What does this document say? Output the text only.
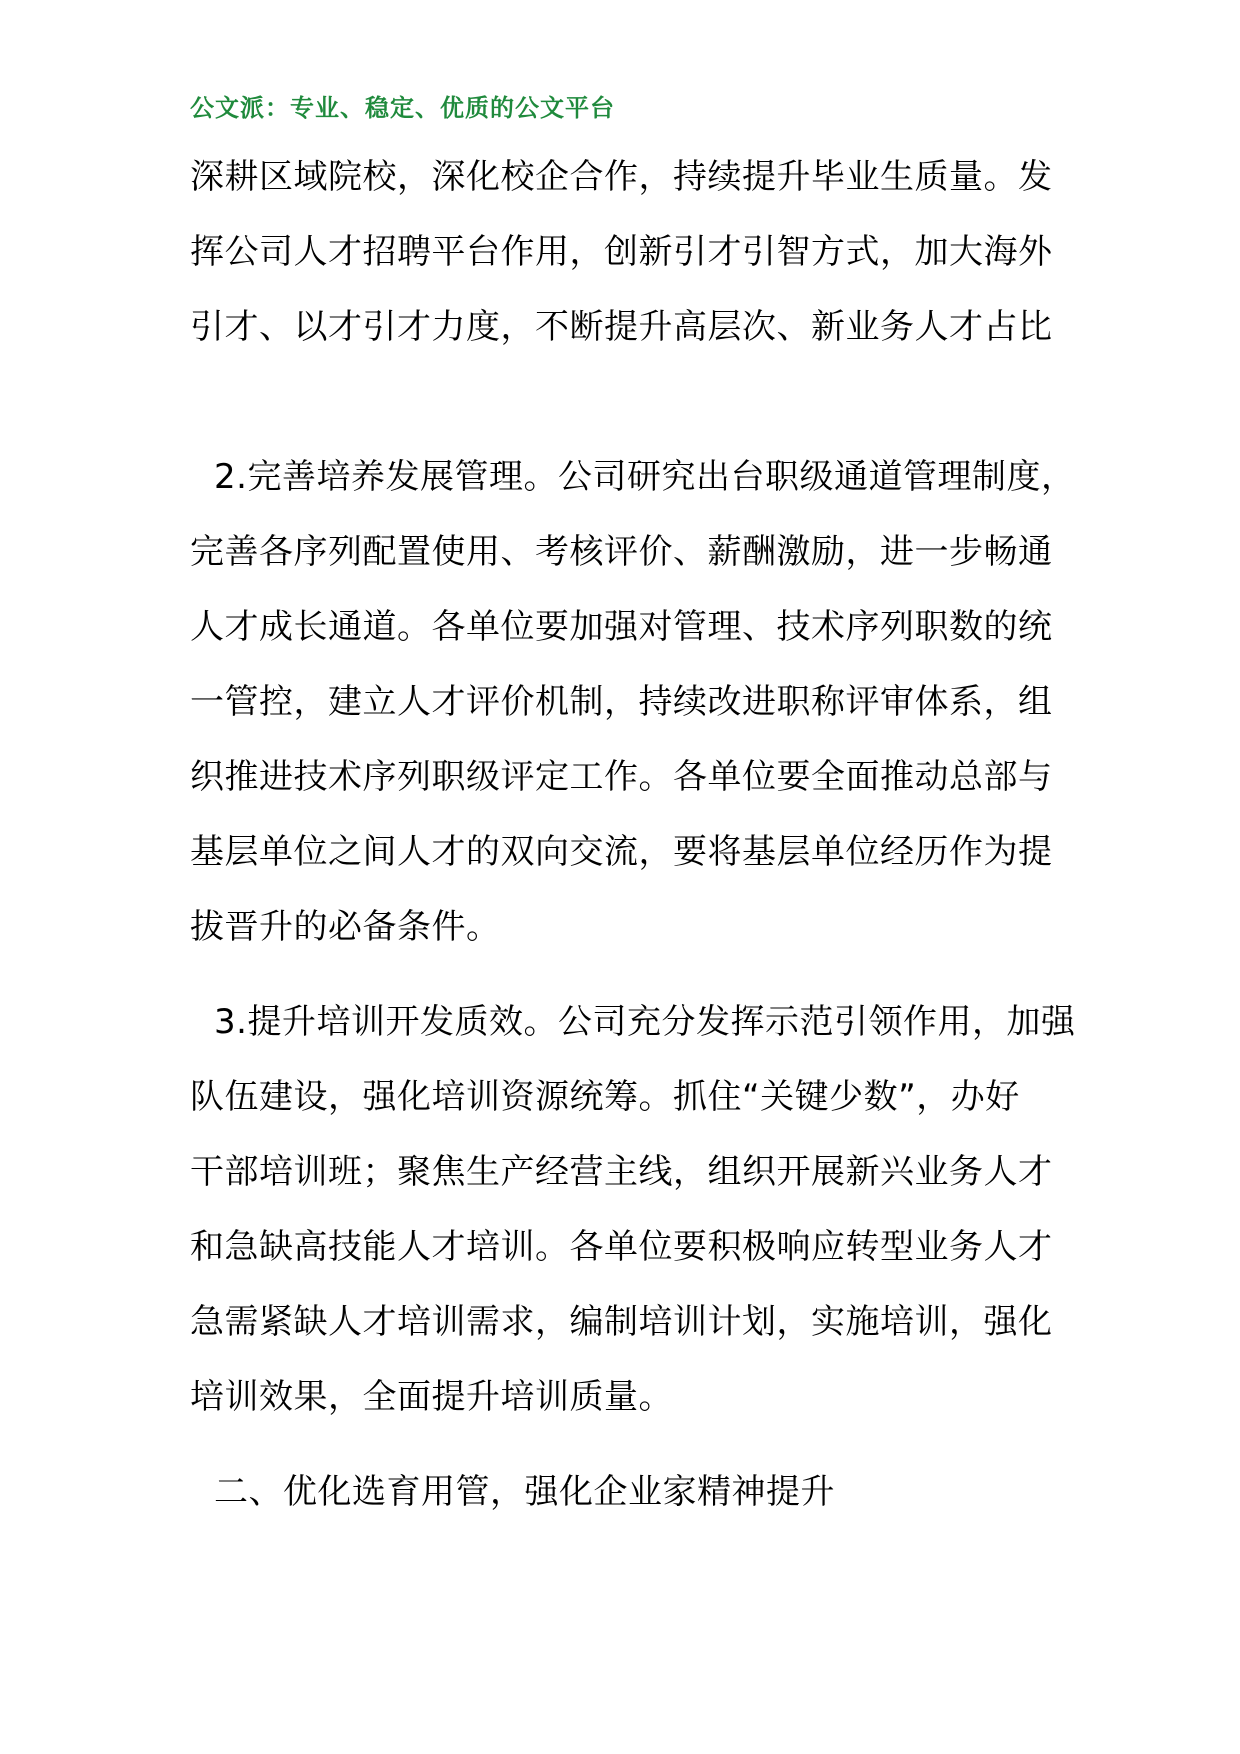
公文派：专业、稳定、优质的公文平台
深耕区域院校，深化校企合作，持续提升毕业生质量。发
挥公司人才招聘平台作用，创新引才引智方式，加大海外
引才、以才引才力度，不断提升高层次、新业务人才占比
2.完善培养发展管理。公司研究出台职级通道管理制度，
完善各序列配置使用、考核评价、薪酬激励，进一步畅通
人才成长通道。各单位要加强对管理、技术序列职数的统
一管控，建立人才评价机制，持续改进职称评审体系，组
织推进技术序列职级评定工作。各单位要全面推动总部与
基层单位之间人才的双向交流，要将基层单位经历作为提
拔晋升的必备条件。
3.提升培训开发质效。公司充分发挥示范引领作用，加强
队伍建设，强化培训资源统筹。抓住“关键少数”，办好
干部培训班；聚焦生产经营主线，组织开展新兴业务人才
和急缺高技能人才培训。各单位要积极响应转型业务人才
急需紧缺人才培训需求，编制培训计划，实施培训，强化
培训效果，全面提升培训质量。
二、优化选育用管，强化企业家精神提升
